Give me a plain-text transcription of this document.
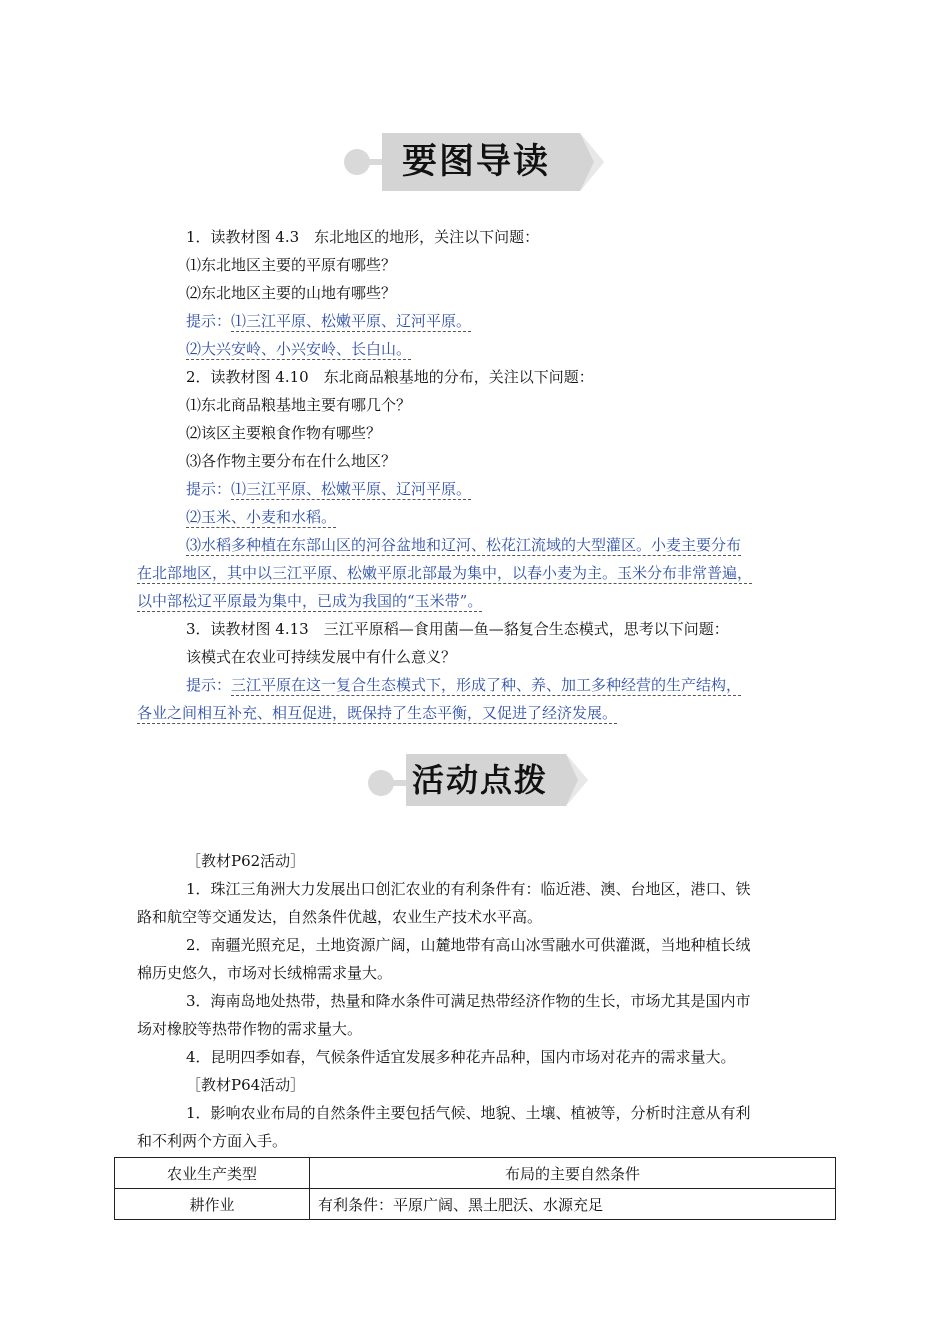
要图导读
1．读教材图 4.3　东北地区的地形，关注以下问题：
⑴东北地区主要的平原有哪些？
⑵东北地区主要的山地有哪些？
提示：⑴三江平原、松嫩平原、辽河平原。
⑵大兴安岭、小兴安岭、长白山。
2．读教材图 4.10　东北商品粮基地的分布，关注以下问题：
⑴东北商品粮基地主要有哪几个？
⑵该区主要粮食作物有哪些？
⑶各作物主要分布在什么地区？
提示：⑴三江平原、松嫩平原、辽河平原。
⑵玉米、小麦和水稻。
⑶水稻多种植在东部山区的河谷盆地和辽河、松花江流域的大型灌区。小麦主要分布
在北部地区，其中以三江平原、松嫩平原北部最为集中，以春小麦为主。玉米分布非常普遍，
以中部松辽平原最为集中，已成为我国的“玉米带”。
3．读教材图 4.13　三江平原稻—食用菌—鱼—貉复合生态模式，思考以下问题：
该模式在农业可持续发展中有什么意义？
提示：三江平原在这一复合生态模式下，形成了种、养、加工多种经营的生产结构，
各业之间相互补充、相互促进，既保持了生态平衡，又促进了经济发展。
活动点拨
［教材P62活动］
1．珠江三角洲大力发展出口创汇农业的有利条件有：临近港、澳、台地区，港口、铁
路和航空等交通发达，自然条件优越，农业生产技术水平高。
2．南疆光照充足，土地资源广阔，山麓地带有高山冰雪融水可供灌溉，当地种植长绒
棉历史悠久，市场对长绒棉需求量大。
3．海南岛地处热带，热量和降水条件可满足热带经济作物的生长，市场尤其是国内市
场对橡胶等热带作物的需求量大。
4．昆明四季如春，气候条件适宜发展多种花卉品种，国内市场对花卉的需求量大。
［教材P64活动］
1．影响农业布局的自然条件主要包括气候、地貌、土壤、植被等，分析时注意从有利
和不利两个方面入手。
农业生产类型	布局的主要自然条件
耕作业	有利条件：平原广阔、黑土肥沃、水源充足
